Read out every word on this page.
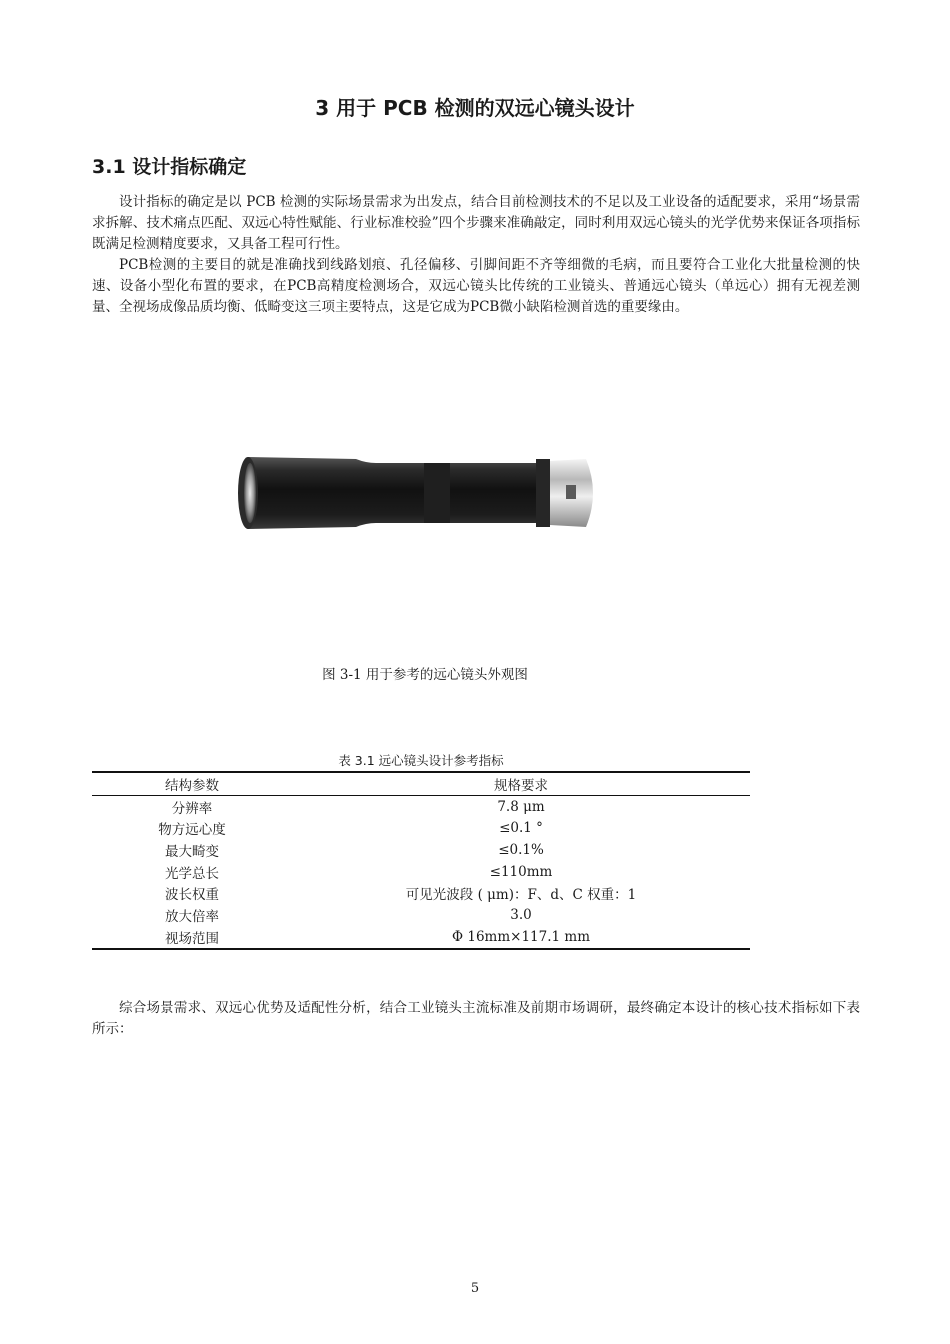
3 用于 PCB 检测的双远心镜头设计
3.1 设计指标确定

设计指标的确定是以 PCB 检测的实际场景需求为出发点，结合目前检测技术的不足以及工业设备的适配要求，采用“场景需求拆解、技术痛点匹配、双远心特性赋能、行业标准校验”四个步骤来准确敲定，同时利用双远心镜头的光学优势来保证各项指标既满足检测精度要求，又具备工程可行性。

PCB检测的主要目的就是准确找到线路划痕、孔径偏移、引脚间距不齐等细微的毛病，而且要符合工业化大批量检测的快速、设备小型化布置的要求，在PCB高精度检测场合，双远心镜头比传统的工业镜头、普通远心镜头（单远心）拥有无视差测量、全视场成像品质均衡、低畸变这三项主要特点，这是它成为PCB微小缺陷检测首选的重要缘由。

图 3-1 用于参考的远心镜头外观图

表 3.1 远心镜头设计参考指标

结构参数	规格要求
分辨率	7.8 μm
物方远心度	≤0.1 °
最大畸变	≤0.1%
光学总长	≤110mm
波长权重	可见光波段 ( μm)：F、d、C 权重：1
放大倍率	3.0
视场范围	Φ 16mm×117.1 mm

综合场景需求、双远心优势及适配性分析，结合工业镜头主流标准及前期市场调研，最终确定本设计的核心技术指标如下表所示：

5
